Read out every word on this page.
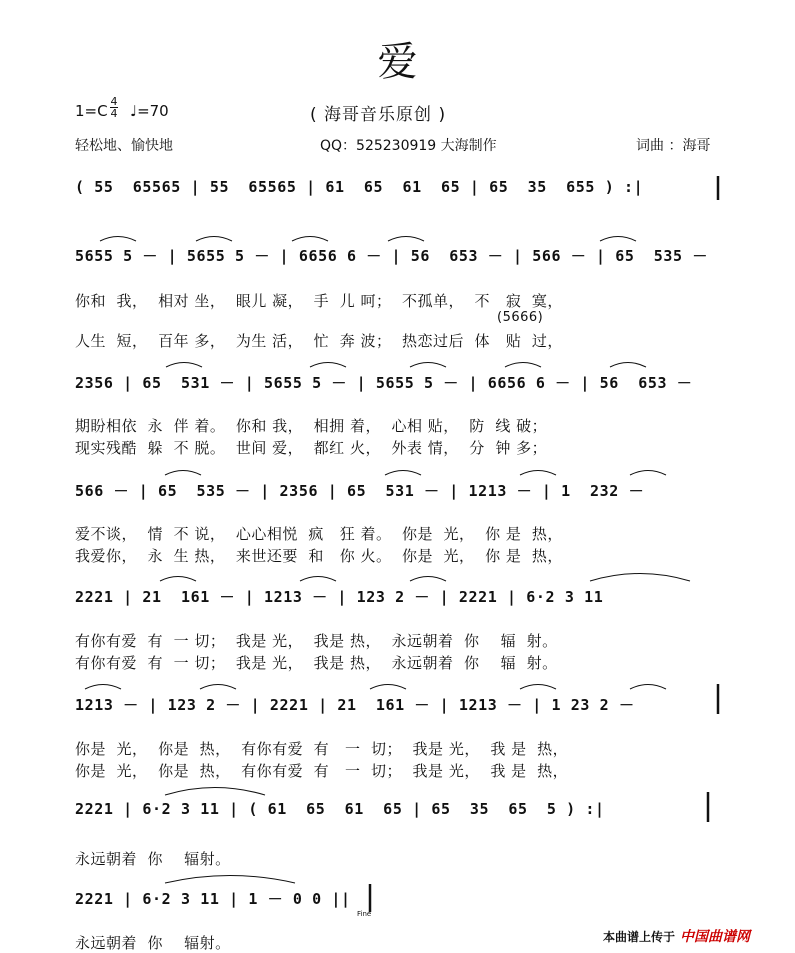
爱
( 海哥音乐原创 )
1=C
4
4 ♩=70
轻松地、愉快地	QQ：525230919 大海制作	词曲 ：海哥
( 55  65565 | 55  65565 | 61  65  61  65 | 65  35  655 ) :|
5655 5 － | 5655 5 － | 6656 6 － | 56  653 － | 566 － | 65  535 －
你和  我，  相对 坐，  眼儿 凝，  手  儿 呵；  不孤单，  不   寂  寞，
(5666)
人生  短，  百年 多，  为生 活，  忙  奔 波；  热恋过后  体   贴  过，
2356 | 65  531 － | 5655 5 － | 5655 5 － | 6656 6 － | 56  653 －
期盼相依  永  伴 着。  你和 我，  相拥 着，  心相 贴，  防  线 破；
现实残酷  躲  不 脱。  世间 爱，  都红 火，  外表 情，  分  钟 多；
566 － | 65  535 － | 2356 | 65  531 － | 1213 － | 1  232 －
爱不谈，  情  不 说，  心心相悦  疯   狂 着。  你是  光，  你 是  热，
我爱你，  永  生 热，  来世还要  和   你 火。  你是  光，  你 是  热，
2221 | 21  161 － | 1213 － | 123 2 － | 2221 | 6·2 3 11
有你有爱  有  一 切；  我是 光，  我是 热，  永远朝着  你    辐  射。
有你有爱  有  一 切；  我是 光，  我是 热，  永远朝着  你    辐  射。
1213 － | 123 2 － | 2221 | 21  161 － | 1213 － | 1 23 2 －
你是  光，  你是  热，  有你有爱  有   一  切；  我是 光，  我 是  热，
你是  光，  你是  热，  有你有爱  有   一  切；  我是 光，  我 是  热，
2221 | 6·2 3 11 | ( 61  65  61  65 | 65  35  65  5 ) :|
永远朝着  你    辐射。
2221 | 6·2 3 11 | 1 － 0 0 ||
Fine
永远朝着  你    辐射。	本曲谱上传于 中国曲谱网
